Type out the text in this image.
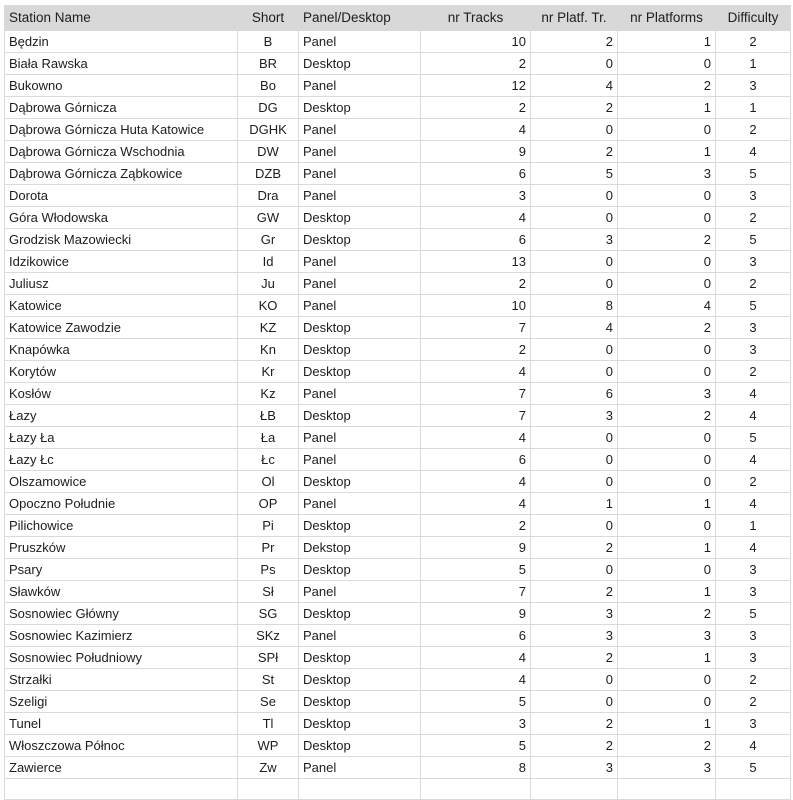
Station Name	Short	Panel/Desktop	nr Tracks	nr Platf. Tr.	nr Platforms	Difficulty
Będzin	B	Panel	10	2	1	2
Biała Rawska	BR	Desktop	2	0	0	1
Bukowno	Bo	Panel	12	4	2	3
Dąbrowa Górnicza	DG	Desktop	2	2	1	1
Dąbrowa Górnicza Huta Katowice	DGHK	Panel	4	0	0	2
Dąbrowa Górnicza Wschodnia	DW	Panel	9	2	1	4
Dąbrowa Górnicza Ząbkowice	DZB	Panel	6	5	3	5
Dorota	Dra	Panel	3	0	0	3
Góra Włodowska	GW	Desktop	4	0	0	2
Grodzisk Mazowiecki	Gr	Desktop	6	3	2	5
Idzikowice	Id	Panel	13	0	0	3
Juliusz	Ju	Panel	2	0	0	2
Katowice	KO	Panel	10	8	4	5
Katowice Zawodzie	KZ	Desktop	7	4	2	3
Knapówka	Kn	Desktop	2	0	0	3
Korytów	Kr	Desktop	4	0	0	2
Kosłów	Kz	Panel	7	6	3	4
Łazy	ŁB	Desktop	7	3	2	4
Łazy Ła	Ła	Panel	4	0	0	5
Łazy Łc	Łc	Panel	6	0	0	4
Olszamowice	Ol	Desktop	4	0	0	2
Opoczno Południe	OP	Panel	4	1	1	4
Pilichowice	Pi	Desktop	2	0	0	1
Pruszków	Pr	Dekstop	9	2	1	4
Psary	Ps	Desktop	5	0	0	3
Sławków	Sł	Panel	7	2	1	3
Sosnowiec Główny	SG	Desktop	9	3	2	5
Sosnowiec Kazimierz	SKz	Panel	6	3	3	3
Sosnowiec Południowy	SPł	Desktop	4	2	1	3
Strzałki	St	Desktop	4	0	0	2
Szeligi	Se	Desktop	5	0	0	2
Tunel	Tl	Desktop	3	2	1	3
Włoszczowa Północ	WP	Desktop	5	2	2	4
Zawierce	Zw	Panel	8	3	3	5
